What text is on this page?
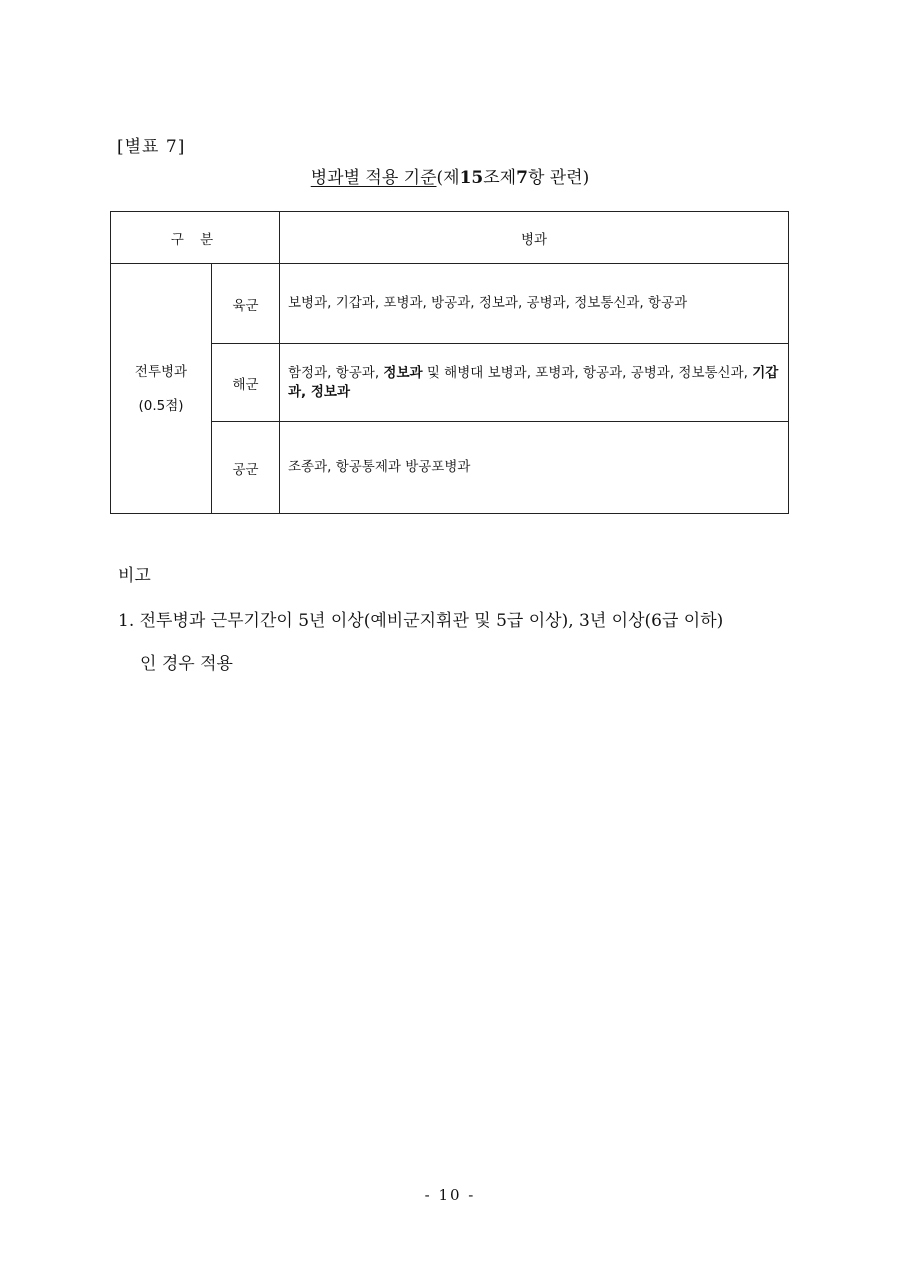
[별표 7]
병과별 적용 기준(제15조제7항 관련)
구 분		병과

전투병과
(0.5점)	육군	보병과, 기갑과, 포병과, 방공과, 정보과, 공병과, 정보통신과, 항공과
	해군	함정과, 항공과, 정보과 및 해병대 보병과, 포병과, 항공과, 공병과, 정보통신과, 기갑과, 정보과
	공군	조종과, 항공통제과 방공포병과
비고
1. 전투병과 근무기간이 5년 이상(예비군지휘관 및 5급 이상), 3년 이상(6급 이하)
인 경우 적용
- 10 -
